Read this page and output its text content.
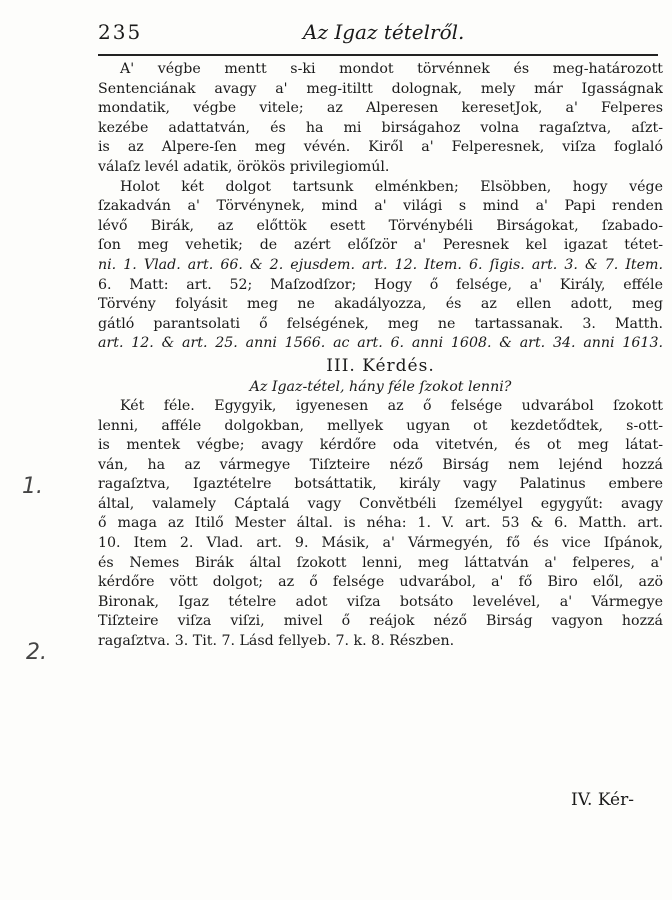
235	Az Igaz tételről.
1.
2.
A' végbe mentt s-ki mondot törvénnek és meg-határozott
Sentenciának avagy a' meg-itiltt dolognak, mely már Igasságnak
mondatik, végbe vitele; az Alperesen keresetJok, a' Felperes
kezébe adattatván, és ha mi birságahoz volna ragaſztva, aſzt-
is az Alpere-ſen meg vévén. Kiről a' Felperesnek, viſza foglaló
válaſz levél adatik, örökös privilegiomúl.
Holot két dolgot tartsunk elménkben; Elsöbben, hogy vége
ſzakadván a' Törvénynek, mind a' világi s mind a' Papi renden
lévő Birák, az előttök esett Törvénybéli Birságokat, ſzabado-
ſon meg vehetik; de azért előſzör a' Peresnek kel igazat tétet-
ni. 1. Vlad. art. 66. & 2. ejusdem. art. 12. Item. 6. ſigis. art. 3. & 7. Item.
6. Matt: art. 52; Maſzodſzor; Hogy ő felsége, a' Király, efféle
Törvény folyásit meg ne akadályozza, és az ellen adott, meg
gátló parantsolati ő felségének, meg ne tartassanak. 3. Matth.
art. 12. & art. 25. anni 1566. ac art. 6. anni 1608. & art. 34. anni 1613.
III. Kérdés.
Az Igaz-tétel, hány féle ſzokot lenni?
Két féle. Egygyik, igyenesen az ő felsége udvarábol ſzokott
lenni, afféle dolgokban, mellyek ugyan ot kezdetődtek, s-ott-
is mentek végbe; avagy kérdőre oda vitetvén, és ot meg látat-
ván, ha az vármegye Tiſzteire néző Birság nem lejénd hozzá
ragaſztva, Igaztételre botsáttatik, király vagy Palatinus embere
által, valamely Cáptalá vagy Convětbéli ſzemélyel egygyűt: avagy
ő maga az Itilő Mester által. is néha: 1. V. art. 53 & 6. Matth. art.
10. Item 2. Vlad. art. 9. Másik, a' Vármegyén, fő és vice Iſpánok,
és Nemes Birák által ſzokott lenni, meg láttatván a' felperes, a'
kérdőre vött dolgot; az ő felsége udvarábol, a' fő Biro elől, azö
Bironak, Igaz tételre adot viſza botsáto levelével, a' Vármegye
Tiſzteire viſza viſzi, mivel ő reájok néző Birság vagyon hozzá
ragaſztva. 3. Tit. 7. Lásd fellyeb. 7. k. 8. Részben.
IV. Kér-
